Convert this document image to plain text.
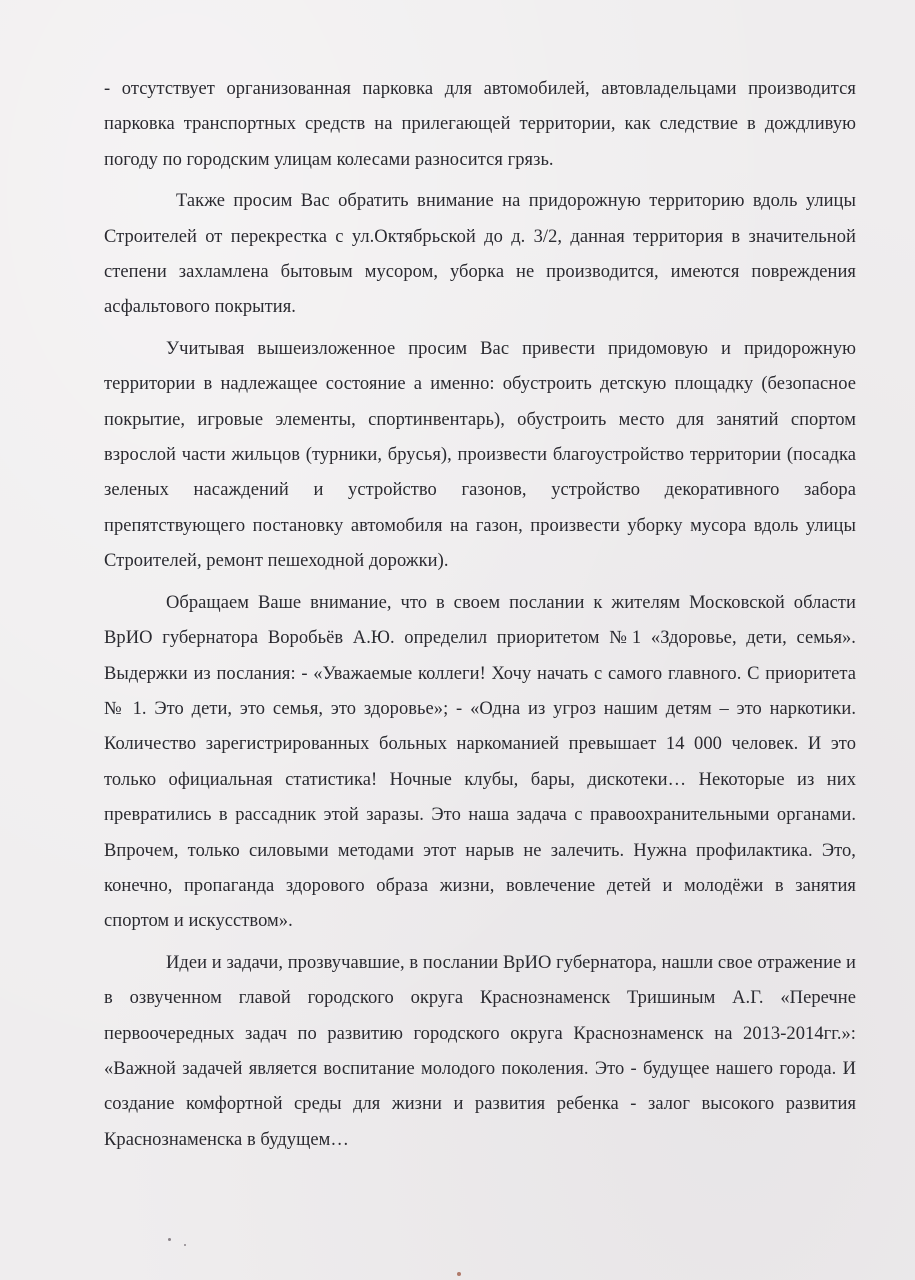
- отсутствует организованная парковка для автомобилей, автовладельцами производится парковка транспортных средств на прилегающей территории, как следствие в дождливую погоду по городским улицам колесами разносится грязь.

Также просим Вас обратить внимание на придорожную территорию вдоль улицы Строителей от перекрестка с ул.Октябрьской до д. 3/2, данная территория в значительной степени захламлена бытовым мусором, уборка не производится, имеются повреждения асфальтового покрытия.

Учитывая вышеизложенное просим Вас привести придомовую и придорожную территории в надлежащее состояние а именно: обустроить детскую площадку (безопасное покрытие, игровые элементы, спортинвентарь), обустроить место для занятий спортом взрослой части жильцов (турники, брусья), произвести благоустройство территории (посадка зеленых насаждений и устройство газонов, устройство декоративного забора препятствующего постановку автомобиля на газон, произвести уборку мусора вдоль улицы Строителей, ремонт пешеходной дорожки).

Обращаем Ваше внимание, что в своем послании к жителям Московской области ВрИО губернатора Воробьёв А.Ю. определил приоритетом №1 «Здоровье, дети, семья». Выдержки из послания: - «Уважаемые коллеги! Хочу начать с самого главного. С приоритета № 1. Это дети, это семья, это здоровье»; - «Одна из угроз нашим детям – это наркотики. Количество зарегистрированных больных наркоманией превышает 14 000 человек. И это только официальная статистика! Ночные клубы, бары, дискотеки… Некоторые из них превратились в рассадник этой заразы. Это наша задача с правоохранительными органами. Впрочем, только силовыми методами этот нарыв не залечить. Нужна профилактика. Это, конечно, пропаганда здорового образа жизни, вовлечение детей и молодёжи в занятия спортом и искусством».

Идеи и задачи, прозвучавшие, в послании ВрИО губернатора, нашли свое отражение и в озвученном главой городского округа Краснознаменск Тришиным А.Г. «Перечне первоочередных задач по развитию городского округа Краснознаменск на 2013-2014гг.»: «Важной задачей является воспитание молодого поколения. Это - будущее нашего города. И создание комфортной среды для жизни и развития ребенка - залог высокого развития Краснознаменска в будущем…
